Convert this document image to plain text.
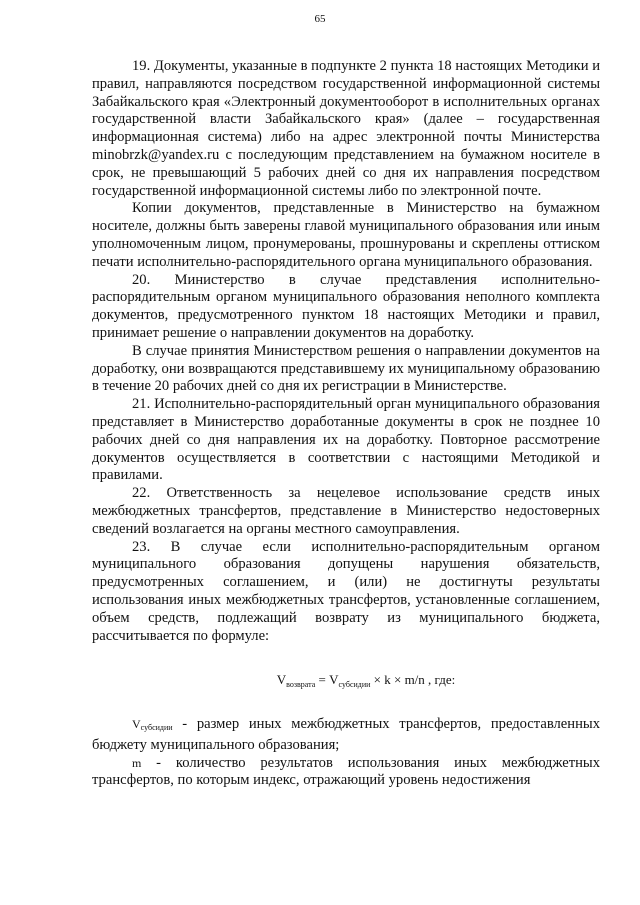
65

19. Документы, указанные в подпункте 2 пункта 18 настоящих Методики и правил, направляются посредством государственной информационной системы Забайкальского края «Электронный документооборот в исполнительных органах государственной власти Забайкальского края» (далее – государственная информационная система) либо на адрес электронной почты Министерства minobrzk@yandex.ru с последующим представлением на бумажном носителе в срок, не превышающий 5 рабочих дней со дня их направления посредством государственной информационной системы либо по электронной почте.

Копии документов, представленные в Министерство на бумажном носителе, должны быть заверены главой муниципального образования или иным уполномоченным лицом, пронумерованы, прошнурованы и скреплены оттиском печати исполнительно-распорядительного органа муниципального образования.

20. Министерство в случае представления исполнительно-распорядительным органом муниципального образования неполного комплекта документов, предусмотренного пунктом 18 настоящих Методики и правил, принимает решение о направлении документов на доработку.

В случае принятия Министерством решения о направлении документов на доработку, они возвращаются представившему их муниципальному образованию в течение 20 рабочих дней со дня их регистрации в Министерстве.

21. Исполнительно-распорядительный орган муниципального образования представляет в Министерство доработанные документы в срок не позднее 10 рабочих дней со дня направления их на доработку. Повторное рассмотрение документов осуществляется в соответствии с настоящими Методикой и правилами.

22. Ответственность за нецелевое использование средств иных межбюджетных трансфертов, представление в Министерство недостоверных сведений возлагается на органы местного самоуправления.

23. В случае если исполнительно-распорядительным органом муниципального образования допущены нарушения обязательств, предусмотренных соглашением, и (или) не достигнуты результаты использования иных межбюджетных трансфертов, установленные соглашением, объем средств, подлежащий возврату из муниципального бюджета, рассчитывается по формуле:

$V_{возврата} = V_{субсидии} \times k \times m/n$ , где:

$V_{субсидии}$ - размер иных межбюджетных трансфертов, предоставленных бюджету муниципального образования;

m - количество результатов использования иных межбюджетных трансфертов, по которым индекс, отражающий уровень недостижения
